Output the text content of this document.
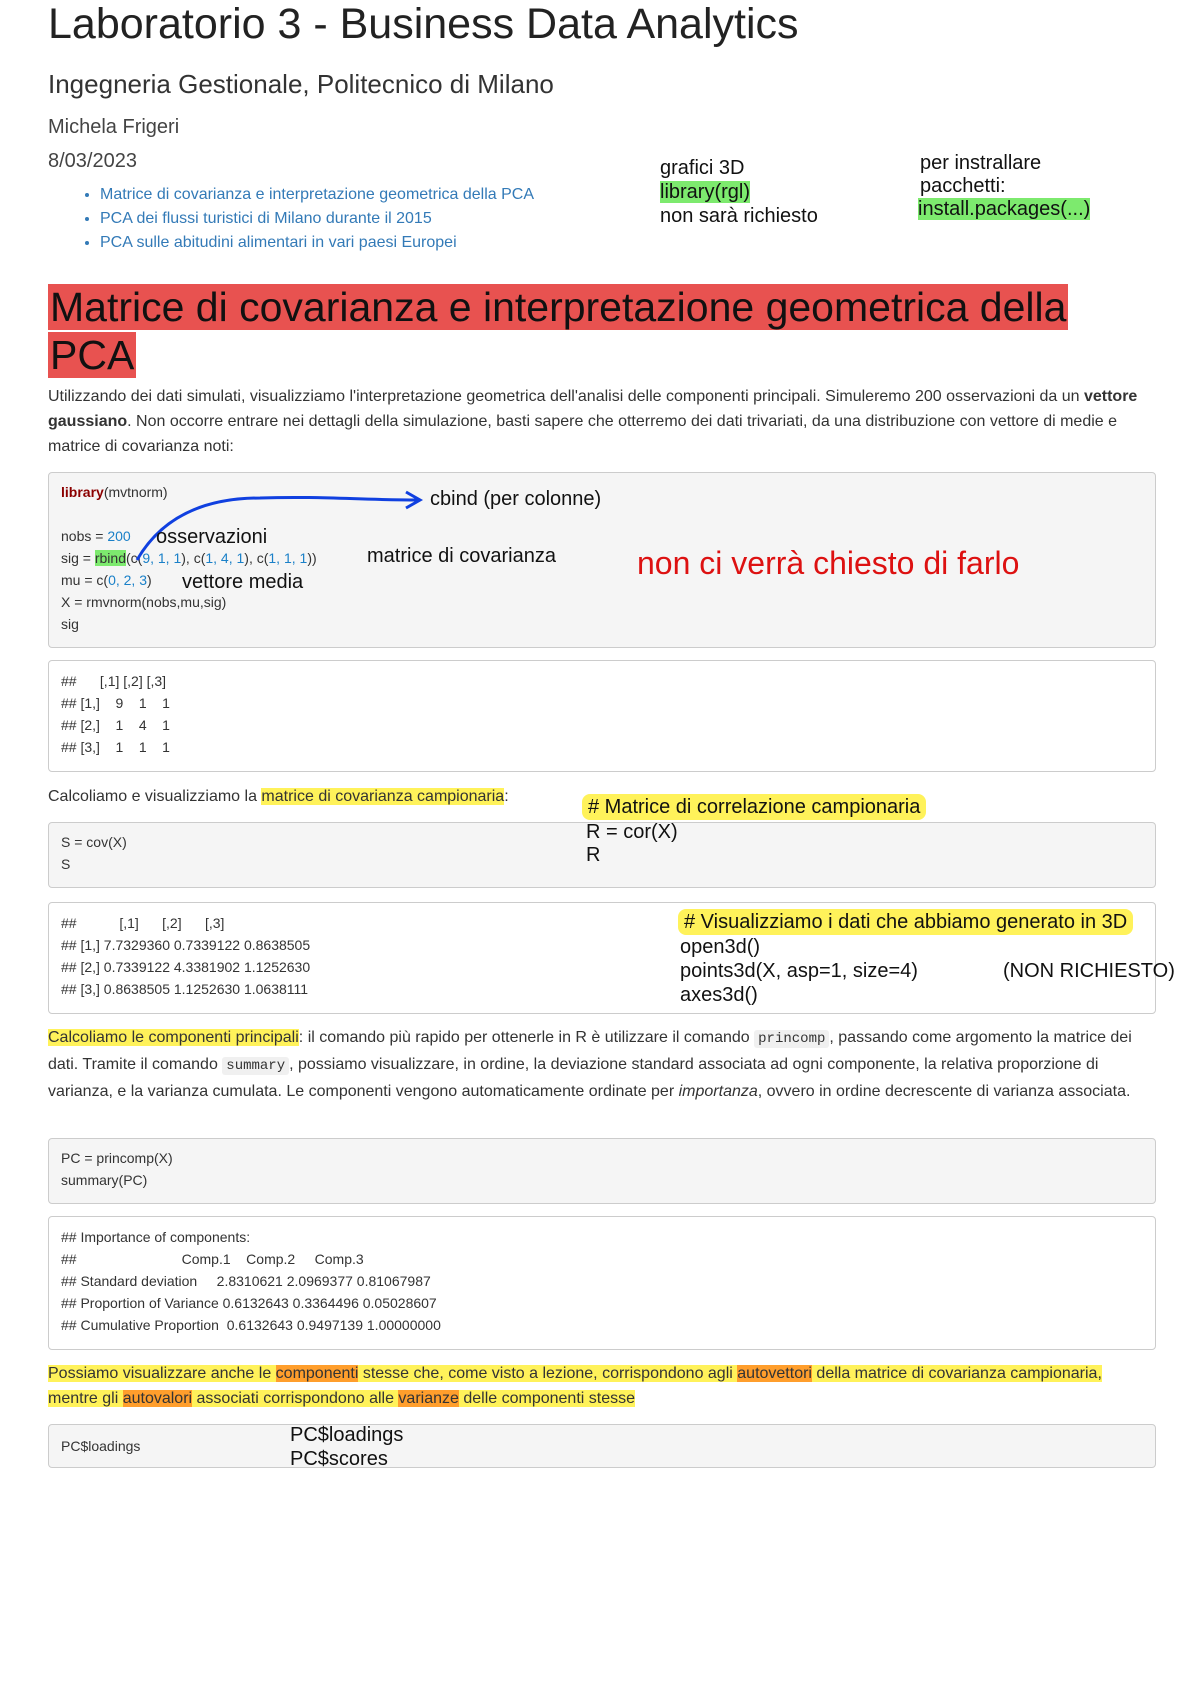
Laboratorio 3 - Business Data Analytics
Ingegneria Gestionale, Politecnico di Milano
Michela Frigeri
8/03/2023
• Matrice di covarianza e interpretazione geometrica della PCA
• PCA dei flussi turistici di Milano durante il 2015
• PCA sulle abitudini alimentari in vari paesi Europei
grafici 3D
library(rgl)
non sarà richiesto
per instrallare
pacchetti:
install.packages(...)
Matrice di covarianza e interpretazione geometrica della PCA
Utilizzando dei dati simulati, visualizziamo l'interpretazione geometrica dell'analisi delle componenti principali. Simuleremo 200 osservazioni da un vettore gaussiano. Non occorre entrare nei dettagli della simulazione, basti sapere che otterremo dei dati trivariati, da una distribuzione con vettore di medie e matrice di covarianza noti:
library(mvtnorm)
nobs = 200
sig = rbind(c(9, 1, 1), c(1, 4, 1), c(1, 1, 1))
mu = c(0, 2, 3)
X = rmvnorm(nobs,mu,sig)
sig
cbind (per colonne)
osservazioni
matrice di covarianza
vettore media
non ci verrà chiesto di farlo
##      [,1] [,2] [,3]
## [1,]    9    1    1
## [2,]    1    4    1
## [3,]    1    1    1
Calcoliamo e visualizziamo la matrice di covarianza campionaria:
S = cov(X)
S
# Matrice di correlazione campionaria
R = cor(X)
R
##           [,1]      [,2]      [,3]
## [1,] 7.7329360 0.7339122 0.8638505
## [2,] 0.7339122 4.3381902 1.1252630
## [3,] 0.8638505 1.1252630 1.0638111
# Visualizziamo i dati che abbiamo generato in 3D
open3d()
points3d(X, asp=1, size=4)	(NON RICHIESTO)
axes3d()
Calcoliamo le componenti principali: il comando più rapido per ottenerle in R è utilizzare il comando princomp , passando come argomento la matrice dei dati. Tramite il comando summary , possiamo visualizzare, in ordine, la deviazione standard associata ad ogni componente, la relativa proporzione di varianza, e la varianza cumulata. Le componenti vengono automaticamente ordinate per importanza, ovvero in ordine decrescente di varianza associata.
PC = princomp(X)
summary(PC)
## Importance of components:
##                           Comp.1    Comp.2     Comp.3
## Standard deviation     2.8310621 2.0969377 0.81067987
## Proportion of Variance 0.6132643 0.3364496 0.05028607
## Cumulative Proportion  0.6132643 0.9497139 1.00000000
Possiamo visualizzare anche le componenti stesse che, come visto a lezione, corrispondono agli autovettori della matrice di covarianza campionaria, mentre gli autovalori associati corrispondono alle varianze delle componenti stesse
PC$loadings	PC$loadings
PC$scores
